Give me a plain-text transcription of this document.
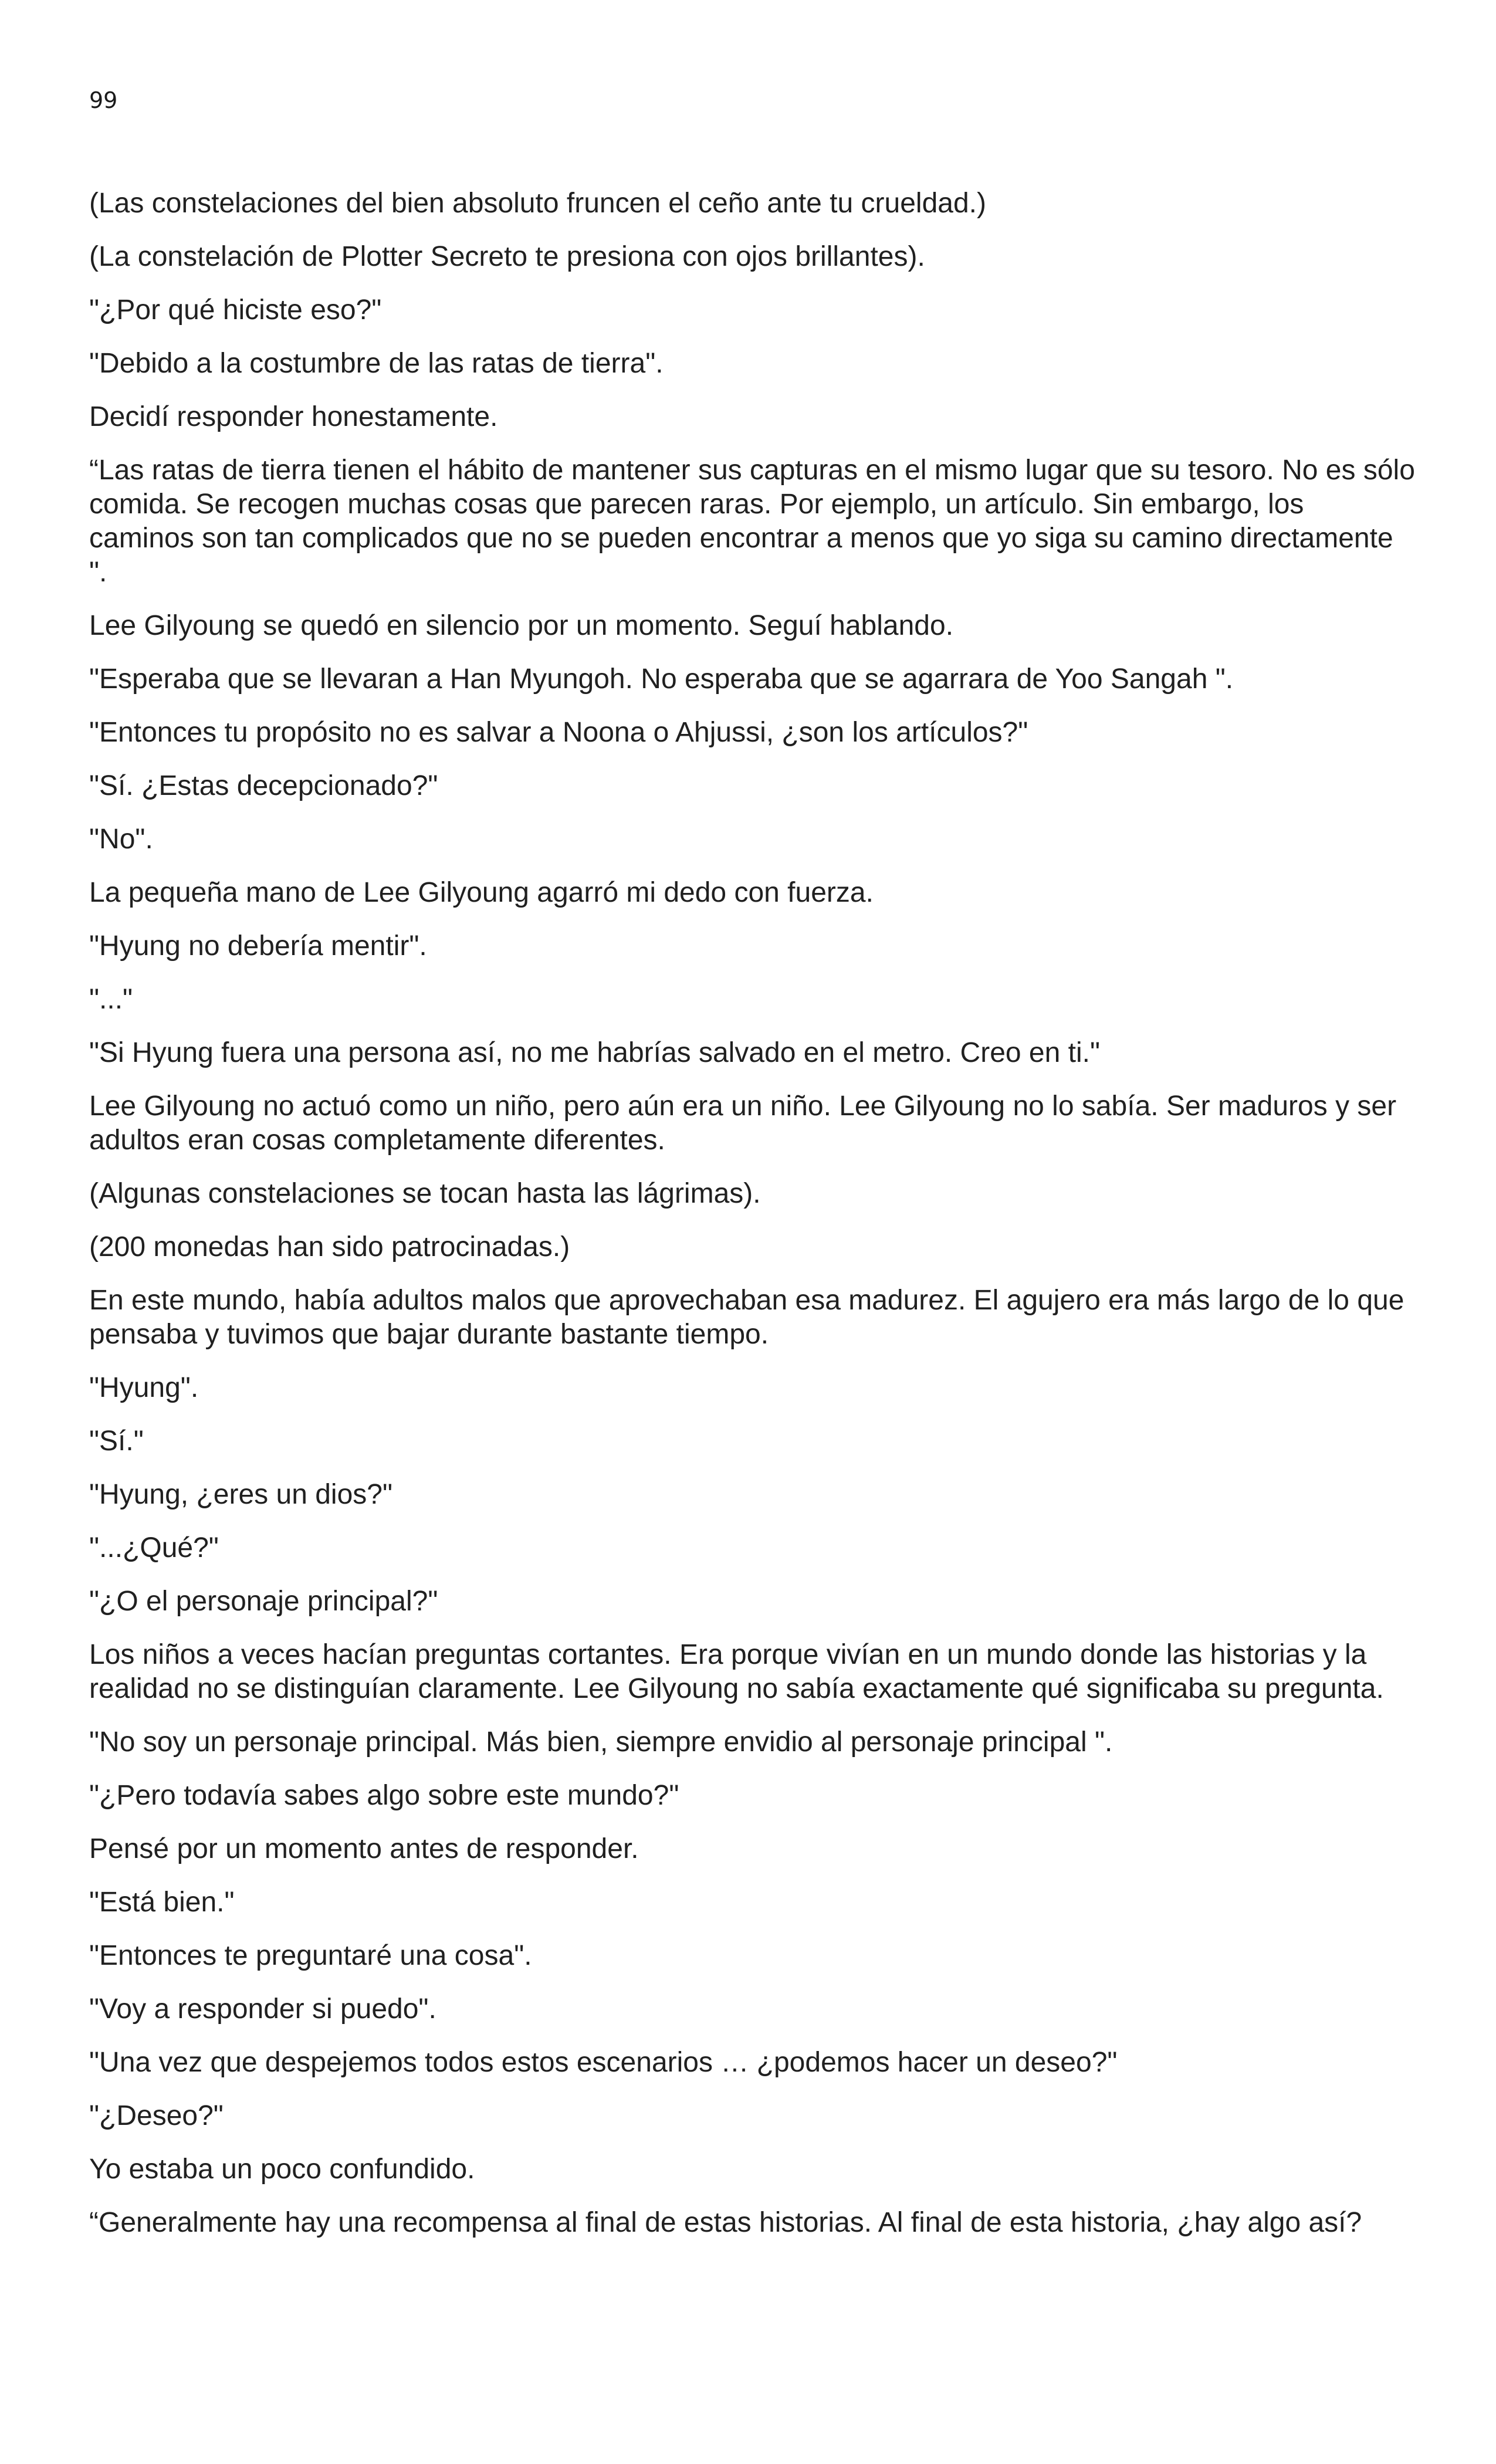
99

(Las constelaciones del bien absoluto fruncen el ceño ante tu crueldad.)

(La constelación de Plotter Secreto te presiona con ojos brillantes).

"¿Por qué hiciste eso?"

"Debido a la costumbre de las ratas de tierra".

Decidí responder honestamente.

“Las ratas de tierra tienen el hábito de mantener sus capturas en el mismo lugar que su tesoro. No es sólo comida. Se recogen muchas cosas que parecen raras. Por ejemplo, un artículo. Sin embargo, los caminos son tan complicados que no se pueden encontrar a menos que yo siga su camino directamente ".

Lee Gilyoung se quedó en silencio por un momento. Seguí hablando.

"Esperaba que se llevaran a Han Myungoh. No esperaba que se agarrara de Yoo Sangah ".

"Entonces tu propósito no es salvar a Noona o Ahjussi, ¿son los artículos?"

"Sí. ¿Estas decepcionado?"

"No".

La pequeña mano de Lee Gilyoung agarró mi dedo con fuerza.

"Hyung no debería mentir".

"..."

"Si Hyung fuera una persona así, no me habrías salvado en el metro. Creo en ti."

Lee Gilyoung no actuó como un niño, pero aún era un niño. Lee Gilyoung no lo sabía. Ser maduros y ser adultos eran cosas completamente diferentes.

(Algunas constelaciones se tocan hasta las lágrimas).

(200 monedas han sido patrocinadas.)

En este mundo, había adultos malos que aprovechaban esa madurez. El agujero era más largo de lo que pensaba y tuvimos que bajar durante bastante tiempo.

"Hyung".

"Sí."

"Hyung, ¿eres un dios?"

"...¿Qué?"

"¿O el personaje principal?"

Los niños a veces hacían preguntas cortantes. Era porque vivían en un mundo donde las historias y la realidad no se distinguían claramente. Lee Gilyoung no sabía exactamente qué significaba su pregunta.

"No soy un personaje principal. Más bien, siempre envidio al personaje principal ".

"¿Pero todavía sabes algo sobre este mundo?"

Pensé por un momento antes de responder.

"Está bien."

"Entonces te preguntaré una cosa".

"Voy a responder si puedo".

"Una vez que despejemos todos estos escenarios … ¿podemos hacer un deseo?"

"¿Deseo?"

Yo estaba un poco confundido.

“Generalmente hay una recompensa al final de estas historias. Al final de esta historia, ¿hay algo así?
